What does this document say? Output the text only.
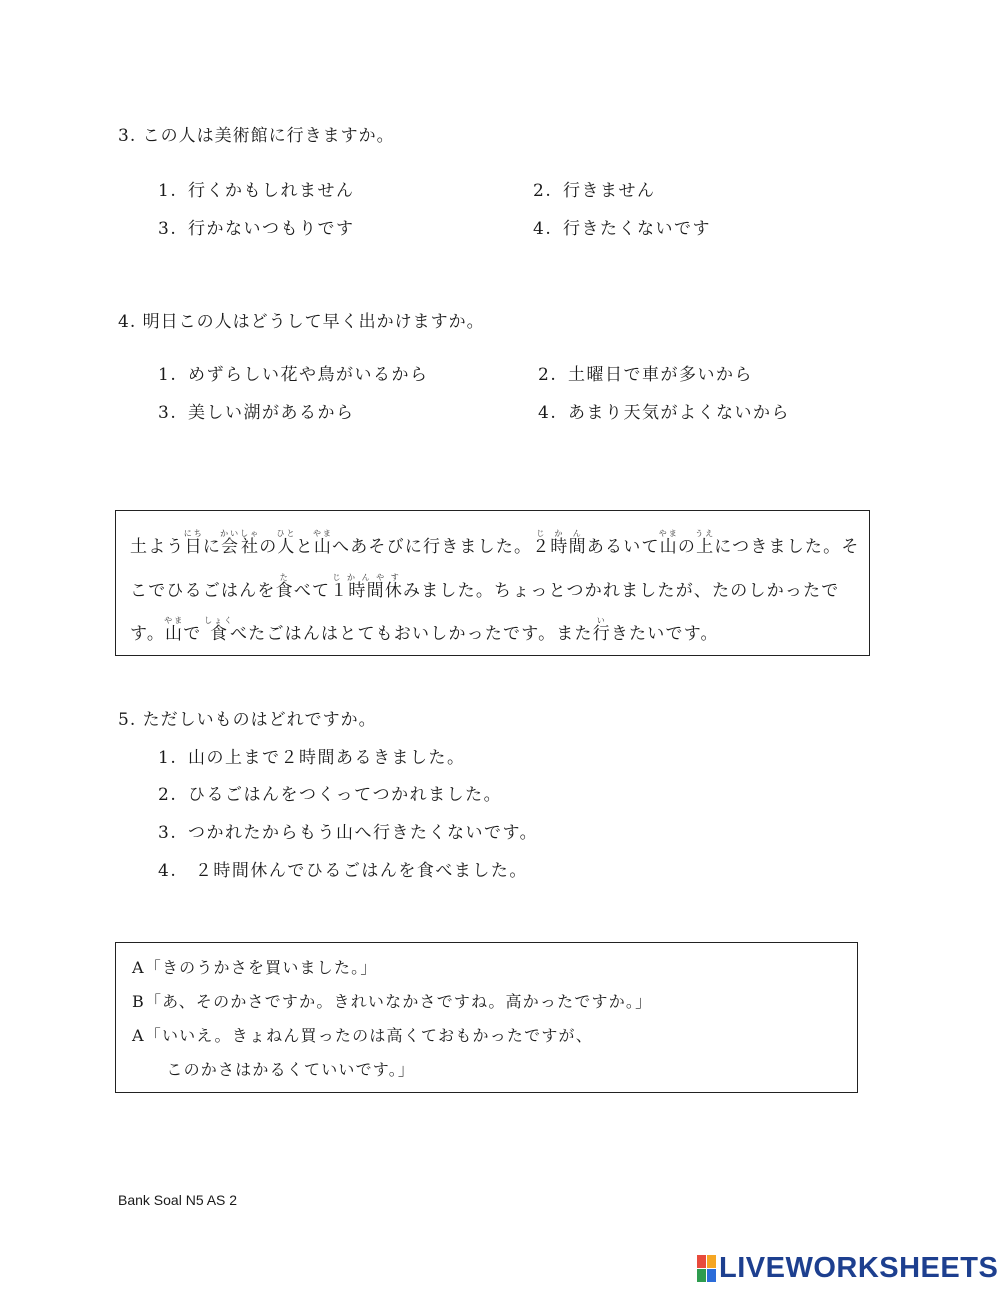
3. この人は美術館に行きますか。
1. 行くかもしれません	2. 行きません
3. 行かないつもりです	4. 行きたくないです
4. 明日この人はどうして早く出かけますか。
1. めずらしい花や鳥がいるから	2. 土曜日で車が多いから
3. 美しい湖があるから	4. あまり天気がよくないから
土よう日にちに会社かいしゃの人ひとと山やまへあそびに行きました。２時間じかんあるいて山やまの上うえにつきました。そ
こでひるごはんを食たべて１時間休じかんやすみました。ちょっとつかれましたが、たのしかったで
す。山やまで 食しょくべたごはんはとてもおいしかったです。また行いきたいです。
5. ただしいものはどれですか。
1. 山の上まで２時間あるきました。
2. ひるごはんをつくってつかれました。
3. つかれたからもう山へ行きたくないです。
4. ２時間休んでひるごはんを食べました。
A「きのうかさを買いました。」
B「あ、そのかさですか。きれいなかさですね。高かったですか。」
A「いいえ。きょねん買ったのは高くておもかったですが、
　　このかさはかるくていいです。」
Bank Soal N5 AS 2
LIVEWORKSHEETS
